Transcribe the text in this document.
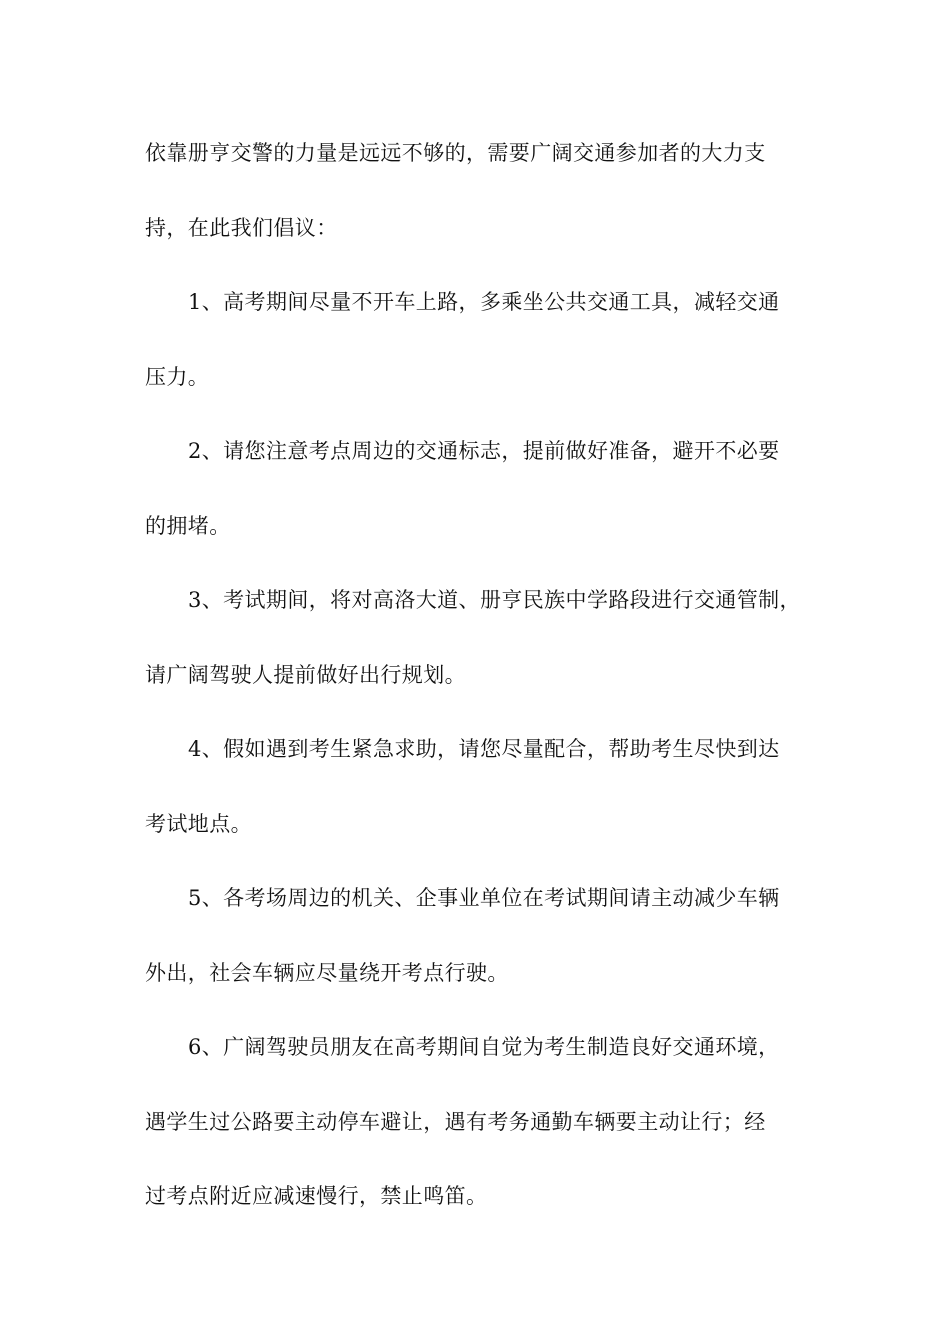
依靠册亨交警的力量是远远不够的，需要广阔交通参加者的大力支
持，在此我们倡议：
1、高考期间尽量不开车上路，多乘坐公共交通工具，减轻交通
压力。
2、请您注意考点周边的交通标志，提前做好准备，避开不必要
的拥堵。
3、考试期间，将对高洛大道、册亨民族中学路段进行交通管制，
请广阔驾驶人提前做好出行规划。
4、假如遇到考生紧急求助，请您尽量配合，帮助考生尽快到达
考试地点。
5、各考场周边的机关、企事业单位在考试期间请主动减少车辆
外出，社会车辆应尽量绕开考点行驶。
6、广阔驾驶员朋友在高考期间自觉为考生制造良好交通环境，
遇学生过公路要主动停车避让，遇有考务通勤车辆要主动让行；经
过考点附近应减速慢行，禁止鸣笛。
